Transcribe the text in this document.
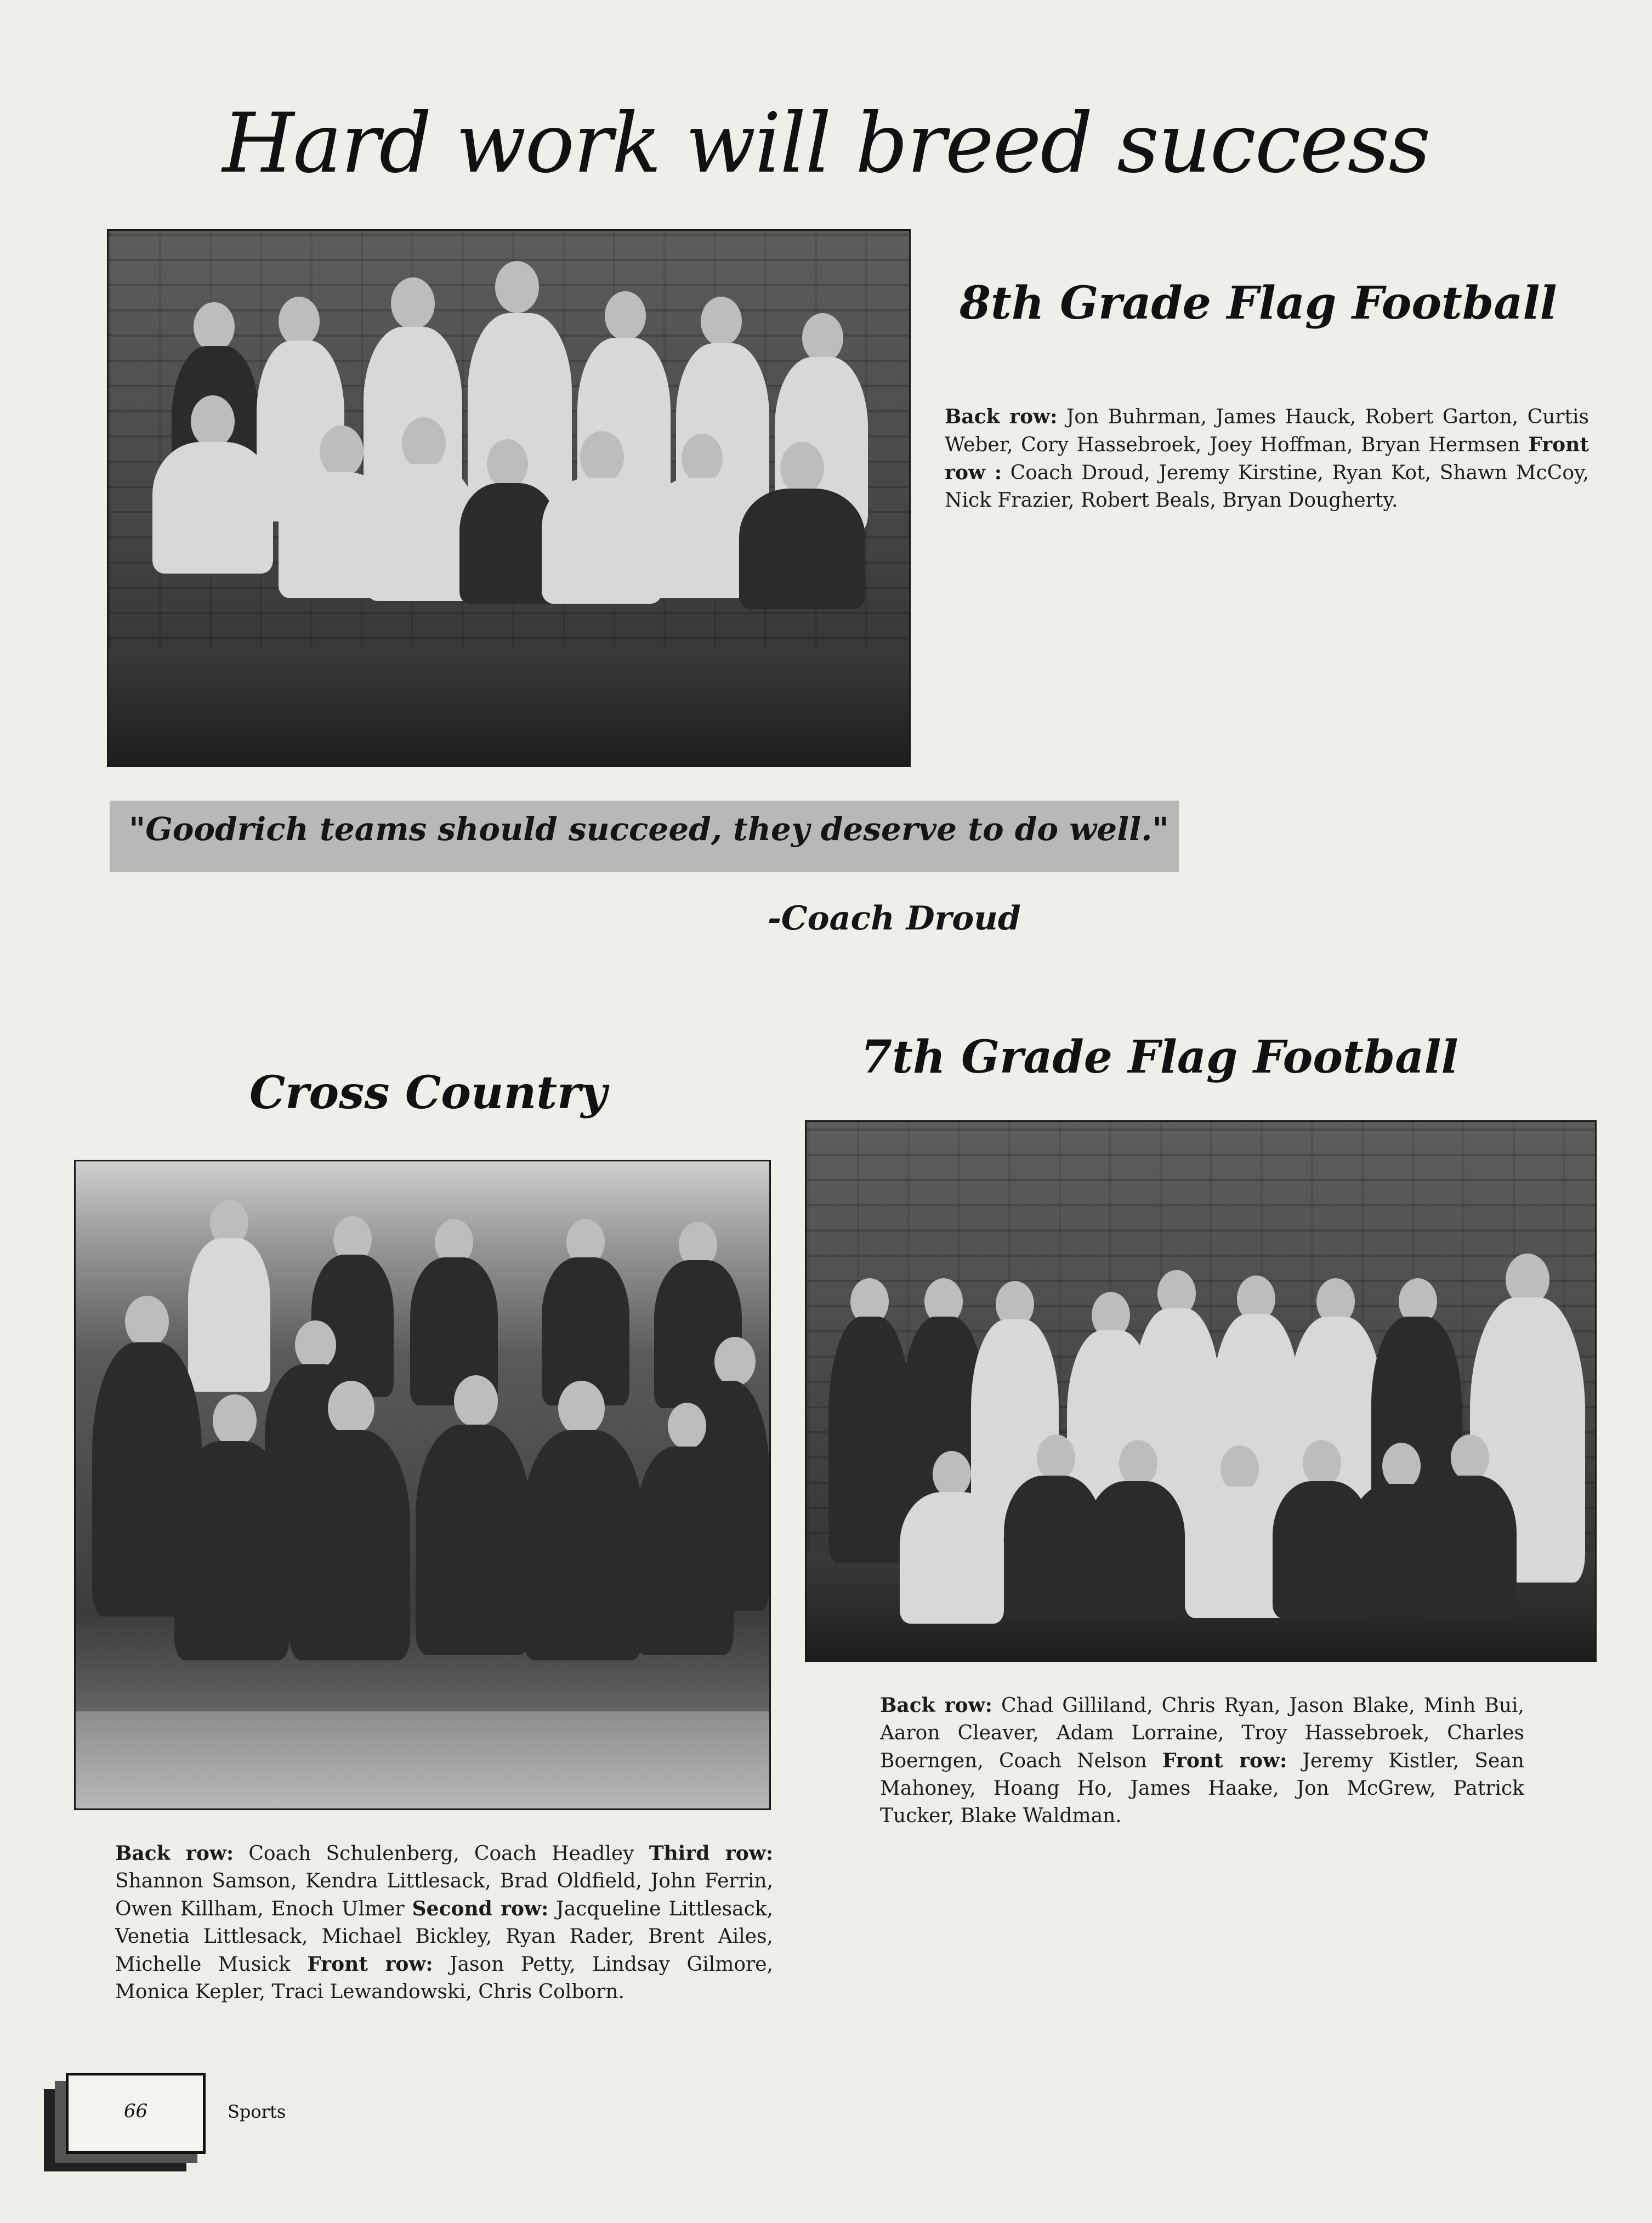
Hard work will breed success
8th Grade Flag Football
Back row: Jon Buhrman, James Hauck, Robert Garton, Curtis Weber, Cory Hassebroek, Joey Hoffman, Bryan Hermsen Front row : Coach Droud, Jeremy Kirstine, Ryan Kot, Shawn McCoy, Nick Frazier, Robert Beals, Bryan Dougherty.
"Goodrich teams should succeed, they deserve to do well."
-Coach Droud
Cross Country
7th Grade Flag Football
Back row: Chad Gilliland, Chris Ryan, Jason Blake, Minh Bui, Aaron Cleaver, Adam Lorraine, Troy Hassebroek, Charles Boerngen, Coach Nelson Front row: Jeremy Kistler, Sean Mahoney, Hoang Ho, James Haake, Jon McGrew, Patrick Tucker, Blake Waldman.
Back row: Coach Schulenberg, Coach Headley Third row: Shannon Samson, Kendra Littlesack, Brad Oldfield, John Ferrin, Owen Killham, Enoch Ulmer Second row: Jacqueline Littlesack, Venetia Littlesack, Michael Bickley, Ryan Rader, Brent Ailes, Michelle Musick Front row: Jason Petty, Lindsay Gilmore, Monica Kepler, Traci Lewandowski, Chris Colborn.
66	Sports
